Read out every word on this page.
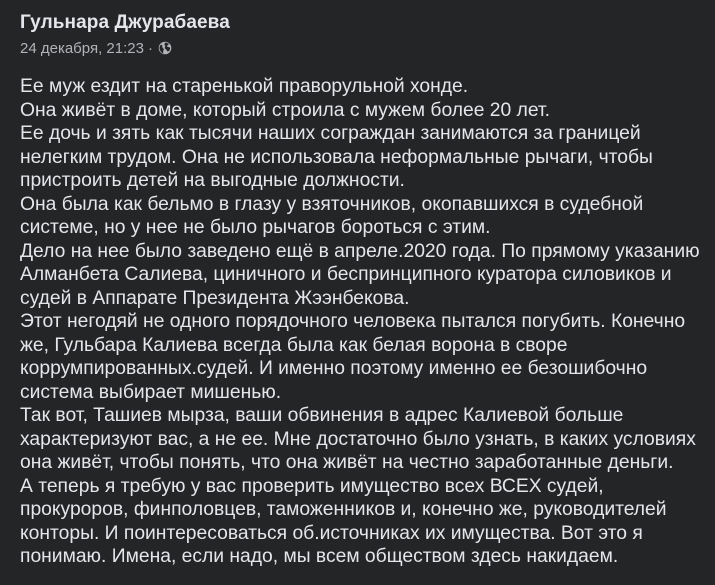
Гульнара Джурабаева
24 декабря, 21:23 ·
Ее муж ездит на старенькой праворульной хонде.
Она живёт в доме, который строила с мужем более 20 лет.
Ее дочь и зять как тысячи наших сограждан занимаются за границей
нелегким трудом. Она не использовала неформальные рычаги, чтобы
пристроить детей на выгодные должности.
Она была как бельмо в глазу у взяточников, окопавшихся в судебной
системе, но у нее не было рычагов бороться с этим.
Дело на нее было заведено ещё в апреле.2020 года. По прямому указанию
Алманбета Салиева, циничного и беспринципного куратора силовиков и
судей в Аппарате Президента Жээнбекова.
Этот негодяй не одного порядочного человека пытался погубить. Конечно
же, Гульбара Калиева всегда была как белая ворона в своре
коррумпированных.судей. И именно поэтому именно ее безошибочно
система выбирает мишенью.
Так вот, Ташиев мырза, ваши обвинения в адрес Калиевой больше
характеризуют вас, а не ее. Мне достаточно было узнать, в каких условиях
она живёт, чтобы понять, что она живёт на честно заработанные деньги.
А теперь я требую у вас проверить имущество всех ВСЕХ судей,
прокуроров, финполовцев, таможенников и, конечно же, руководителей
конторы. И поинтересоваться об.источниках их имущества. Вот это я
понимаю. Имена, если надо, мы всем обществом здесь накидаем.
